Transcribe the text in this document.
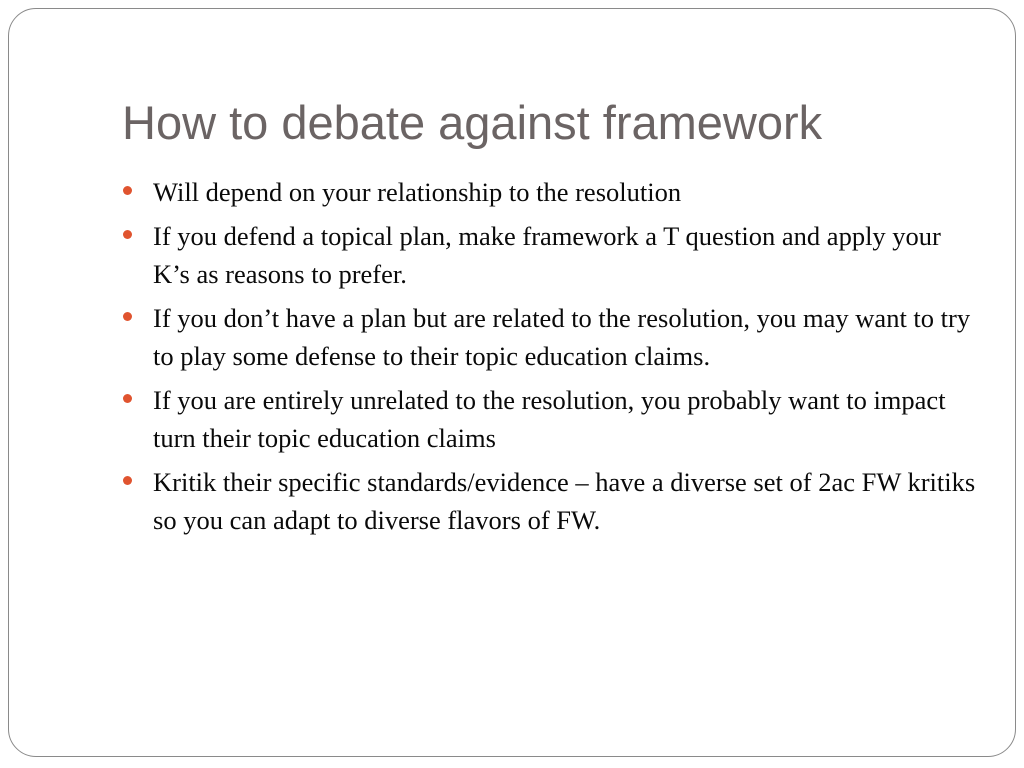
How to debate against framework
Will depend on your relationship to the resolution
If you defend a topical plan, make framework a T question and apply your K’s as reasons to prefer.
If you don’t have a plan but are related to the resolution, you may want to try to play some defense to their topic education claims.
If you are entirely unrelated to the resolution, you probably want to impact turn their topic education claims
Kritik their specific standards/evidence – have a diverse set of 2ac FW kritiks so you can adapt to diverse flavors of FW.
